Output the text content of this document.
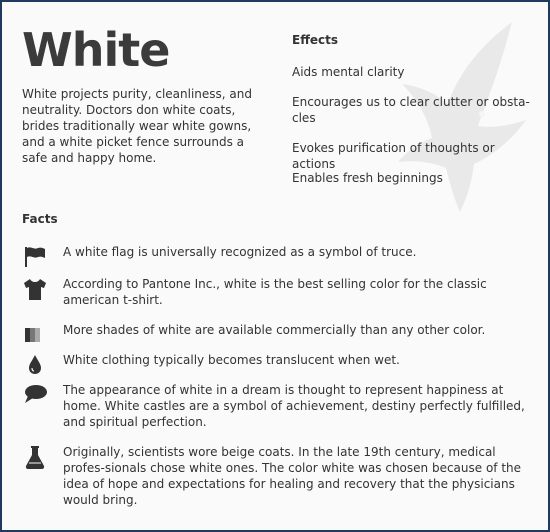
White
White projects purity, cleanliness, and neutrality. Doctors don white coats, brides traditionally wear white gowns, and a white picket fence surrounds a safe and happy home.
Effects
Aids mental clarity
Encourages us to clear clutter or obsta-cles
Evokes purification of thoughts or actions
Enables fresh beginnings
Facts
A white flag is universally recognized as a symbol of truce.
According to Pantone Inc., white is the best selling color for the classic american t-shirt.
More shades of white are available commercially than any other color.
White clothing typically becomes translucent when wet.
The appearance of white in a dream is thought to represent happiness at home. White castles are a symbol of achievement, destiny perfectly fulfilled, and spiritual perfection.
Originally, scientists wore beige coats. In the late 19th century, medical profes-sionals chose white ones. The color white was chosen because of the idea of hope and expectations for healing and recovery that the physicians would bring.
